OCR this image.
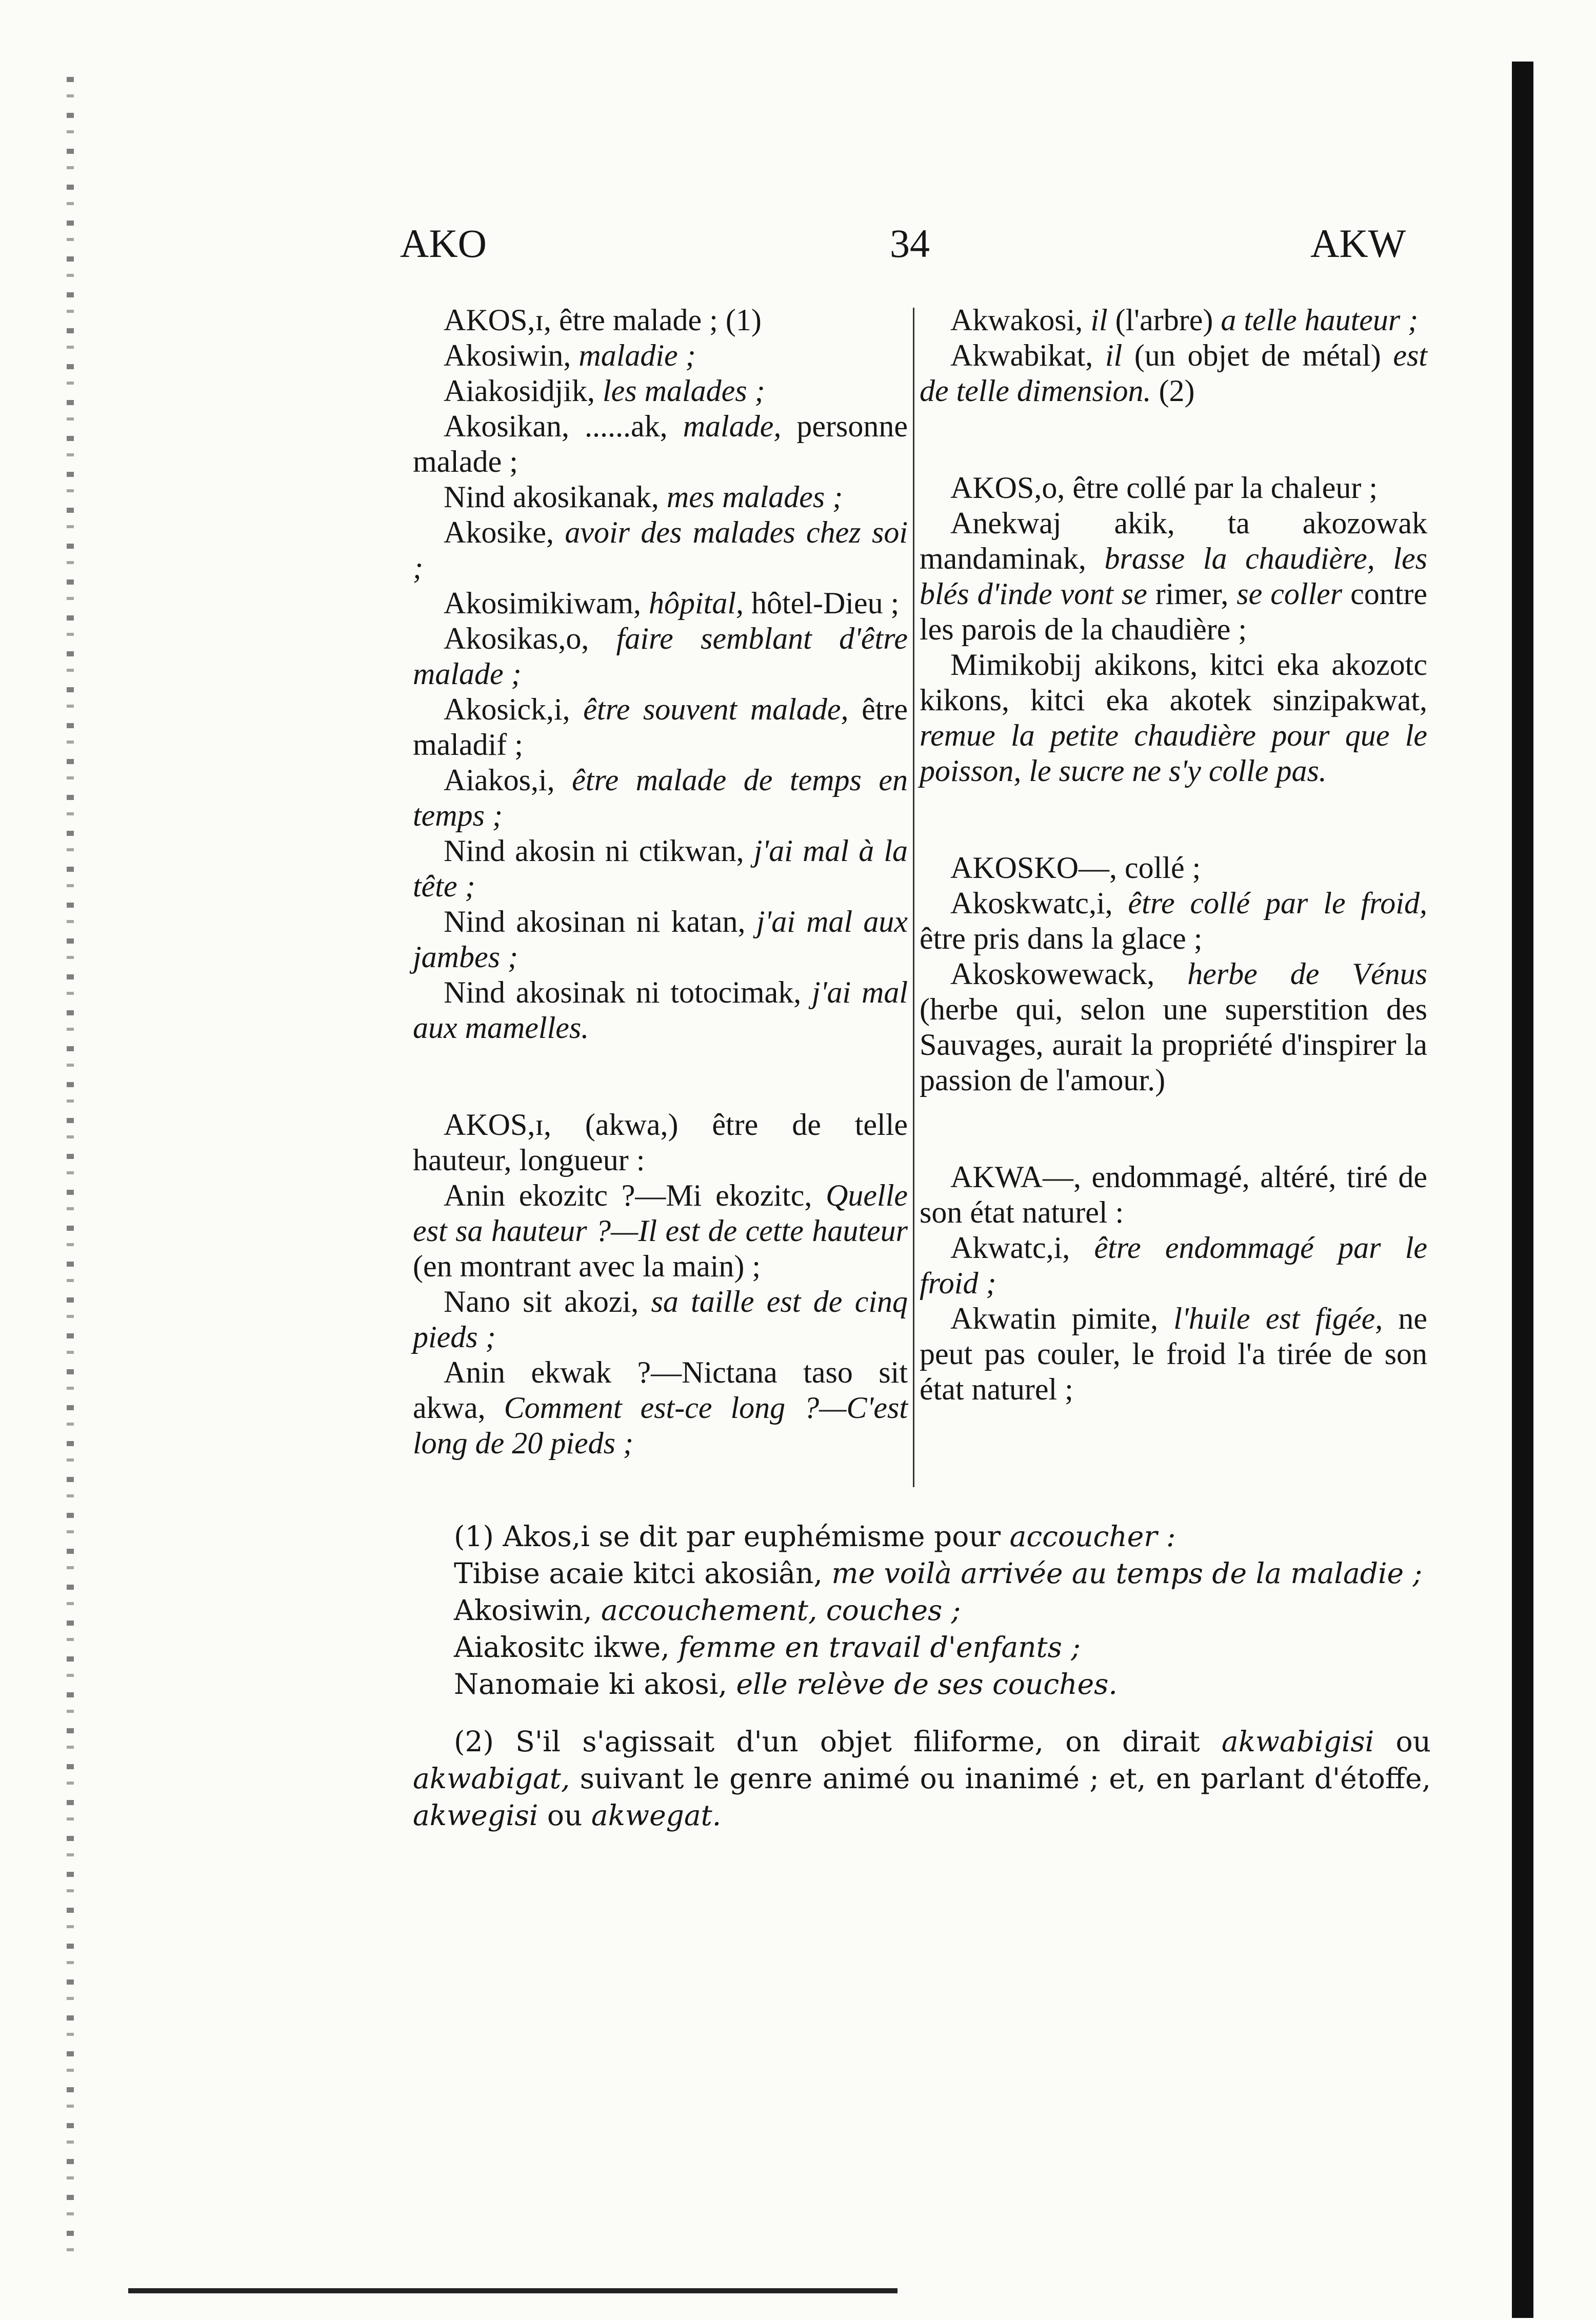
AKO	34	AKW

AKOS,ɪ, être malade ; (1)

Akosiwin, maladie ;

Aiakosidjik, les malades ;

Akosikan, ......ak, malade, personne malade ;

Nind akosikanak, mes malades ;

Akosike, avoir des malades chez soi ;

Akosimikiwam, hôpital, hôtel-Dieu ;

Akosikas,o, faire semblant d'être malade ;

Akosick,i, être souvent malade, être maladif ;

Aiakos,i, être malade de temps en temps ;

Nind akosin ni ctikwan, j'ai mal à la tête ;

Nind akosinan ni katan, j'ai mal aux jambes ;

Nind akosinak ni totocimak, j'ai mal aux mamelles.

AKOS,ɪ, (akwa,) être de telle hauteur, longueur :

Anin ekozitc ?—Mi ekozitc, Quelle est sa hauteur ?—Il est de cette hauteur (en montrant avec la main) ;

Nano sit akozi, sa taille est de cinq pieds ;

Anin ekwak ?—Nictana taso sit akwa, Comment est-ce long ?—C'est long de 20 pieds ;

Akwakosi, il (l'arbre) a telle hauteur ;

Akwabikat, il (un objet de métal) est de telle dimension. (2)

AKOS,o, être collé par la chaleur ;

Anekwaj akik, ta akozowak mandaminak, brasse la chaudière, les blés d'inde vont se rimer, se coller contre les parois de la chaudière ;

Mimikobij akikons, kitci eka akozotc kikons, kitci eka akotek sinzipakwat, remue la petite chaudière pour que le poisson, le sucre ne s'y colle pas.

AKOSKO—, collé ;

Akoskwatc,i, être collé par le froid, être pris dans la glace ;

Akoskowewack, herbe de Vénus (herbe qui, selon une superstition des Sauvages, aurait la propriété d'inspirer la passion de l'amour.)

AKWA—, endommagé, altéré, tiré de son état naturel :

Akwatc,i, être endommagé par le froid ;

Akwatin pimite, l'huile est figée, ne peut pas couler, le froid l'a tirée de son état naturel ;

(1) Akos,i se dit par euphémisme pour accoucher :

Tibise acaie kitci akosiân, me voilà arrivée au temps de la maladie ;

Akosiwin, accouchement, couches ;

Aiakositc ikwe, femme en travail d'enfants ;

Nanomaie ki akosi, elle relève de ses couches.

(2) S'il s'agissait d'un objet filiforme, on dirait akwabigisi ou akwabigat, suivant le genre animé ou inanimé ; et, en parlant d'étoffe, akwegisi ou akwegat.
